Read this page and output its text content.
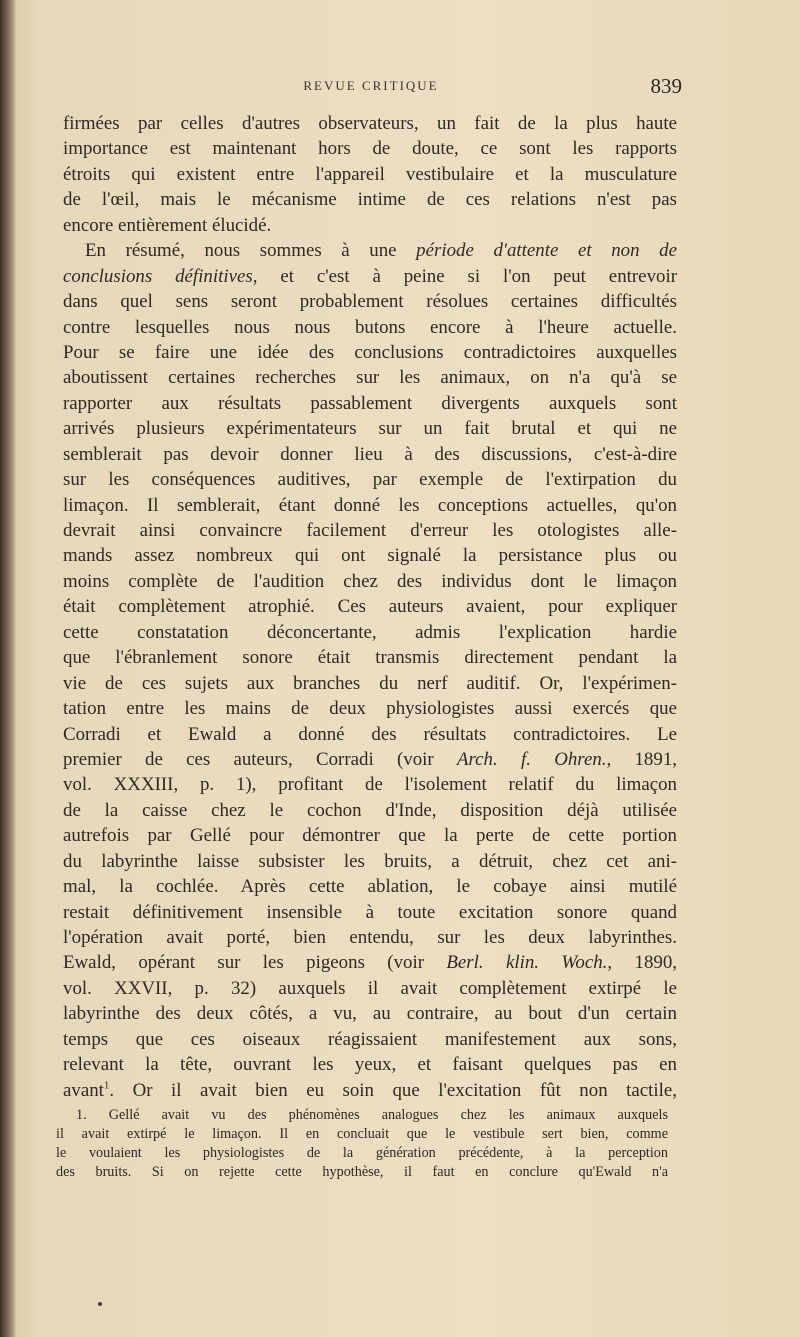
REVUE CRITIQUE	839
firmées par celles d'autres observateurs, un fait de la plus haute
importance est maintenant hors de doute, ce sont les rapports
étroits qui existent entre l'appareil vestibulaire et la musculature
de l'œil, mais le mécanisme intime de ces relations n'est pas
encore entièrement élucidé.
En résumé, nous sommes à une période d'attente et non de
conclusions définitives, et c'est à peine si l'on peut entrevoir
dans quel sens seront probablement résolues certaines difficultés
contre lesquelles nous nous butons encore à l'heure actuelle.
Pour se faire une idée des conclusions contradictoires auxquelles
aboutissent certaines recherches sur les animaux, on n'a qu'à se
rapporter aux résultats passablement divergents auxquels sont
arrivés plusieurs expérimentateurs sur un fait brutal et qui ne
semblerait pas devoir donner lieu à des discussions, c'est-à-dire
sur les conséquences auditives, par exemple de l'extirpation du
limaçon. Il semblerait, étant donné les conceptions actuelles, qu'on
devrait ainsi convaincre facilement d'erreur les otologistes alle-
mands assez nombreux qui ont signalé la persistance plus ou
moins complète de l'audition chez des individus dont le limaçon
était complètement atrophié. Ces auteurs avaient, pour expliquer
cette constatation déconcertante, admis l'explication hardie
que l'ébranlement sonore était transmis directement pendant la
vie de ces sujets aux branches du nerf auditif. Or, l'expérimen-
tation entre les mains de deux physiologistes aussi exercés que
Corradi et Ewald a donné des résultats contradictoires. Le
premier de ces auteurs, Corradi (voir Arch. f. Ohren., 1891,
vol. XXXIII, p. 1), profitant de l'isolement relatif du limaçon
de la caisse chez le cochon d'Inde, disposition déjà utilisée
autrefois par Gellé pour démontrer que la perte de cette portion
du labyrinthe laisse subsister les bruits, a détruit, chez cet ani-
mal, la cochlée. Après cette ablation, le cobaye ainsi mutilé
restait définitivement insensible à toute excitation sonore quand
l'opération avait porté, bien entendu, sur les deux labyrinthes.
Ewald, opérant sur les pigeons (voir Berl. klin. Woch., 1890,
vol. XXVII, p. 32) auxquels il avait complètement extirpé le
labyrinthe des deux côtés, a vu, au contraire, au bout d'un certain
temps que ces oiseaux réagissaient manifestement aux sons,
relevant la tête, ouvrant les yeux, et faisant quelques pas en
avant$^1$. Or il avait bien eu soin que l'excitation fût non tactile,
1. Gellé avait vu des phénomènes analogues chez les animaux auxquels
il avait extirpé le limaçon. Il en concluait que le vestibule sert bien, comme
le voulaient les physiologistes de la génération précédente, à la perception
des bruits. Si on rejette cette hypothèse, il faut en conclure qu'Ewald n'a
